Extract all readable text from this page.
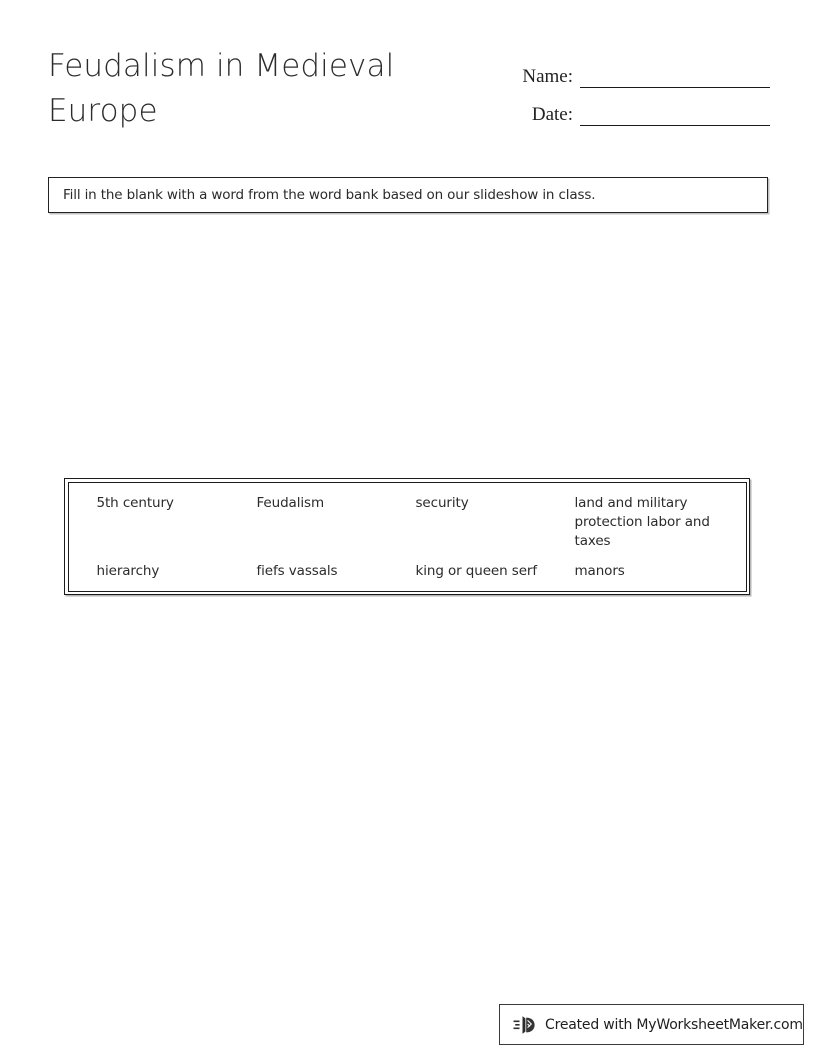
Feudalism in Medieval Europe
Name:
Date:
Fill in the blank with a word from the word bank based on our slideshow in class.
5th century	Feudalism	security	land and military protection labor and taxes
hierarchy	fiefs vassals	king or queen serf	manors
Created with MyWorksheetMaker.com
